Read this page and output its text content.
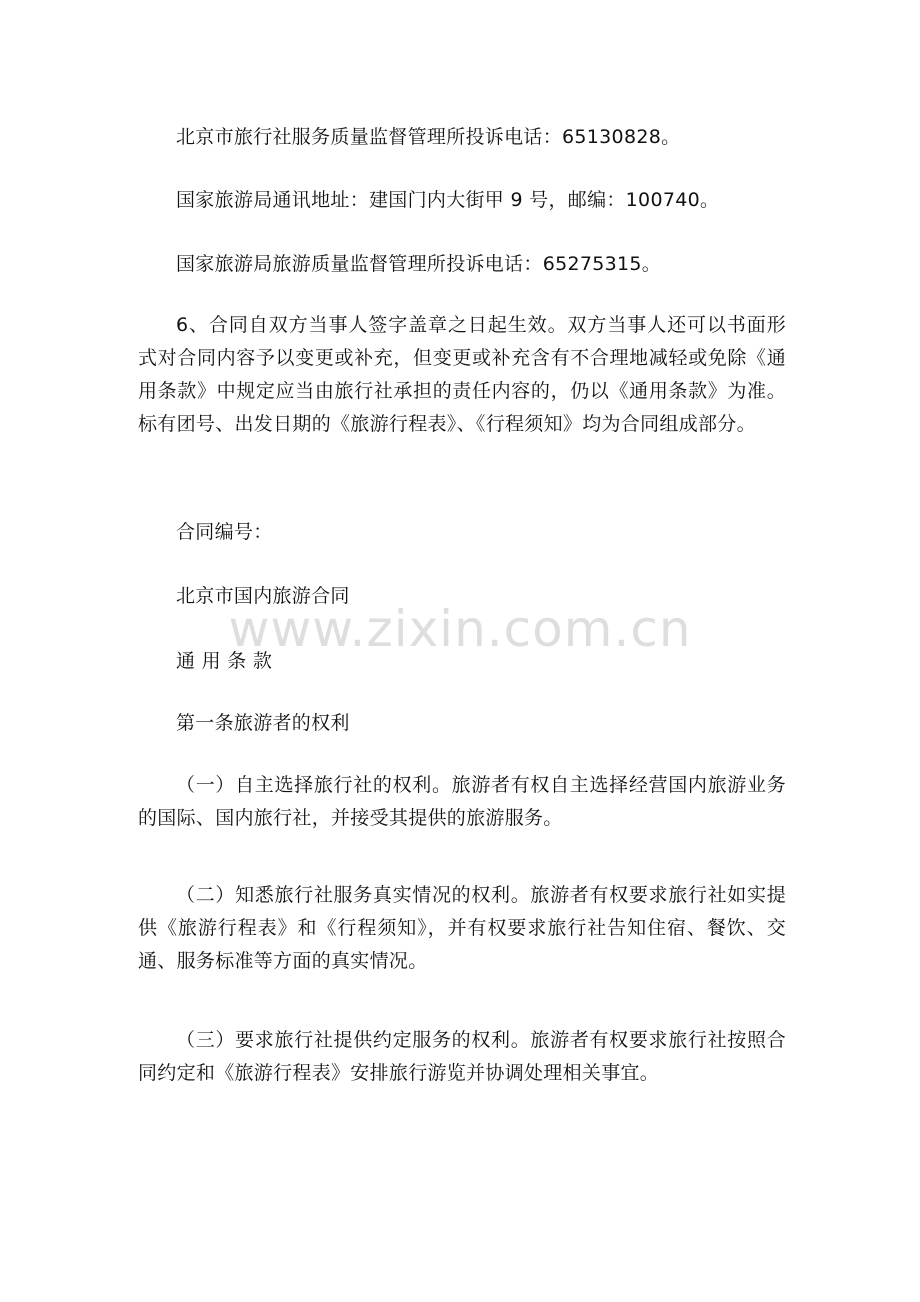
北京市旅行社服务质量监督管理所投诉电话：65130828。

国家旅游局通讯地址：建国门内大街甲 9 号，邮编：100740。

国家旅游局旅游质量监督管理所投诉电话：65275315。

6、合同自双方当事人签字盖章之日起生效。双方当事人还可以书面形式对合同内容予以变更或补充，但变更或补充含有不合理地减轻或免除《通用条款》中规定应当由旅行社承担的责任内容的，仍以《通用条款》为准。标有团号、出发日期的《旅游行程表》、《行程须知》均为合同组成部分。

合同编号：

北京市国内旅游合同

通 用 条 款

第一条旅游者的权利

（一）自主选择旅行社的权利。旅游者有权自主选择经营国内旅游业务的国际、国内旅行社，并接受其提供的旅游服务。

（二）知悉旅行社服务真实情况的权利。旅游者有权要求旅行社如实提供《旅游行程表》和《行程须知》，并有权要求旅行社告知住宿、餐饮、交通、服务标准等方面的真实情况。

（三）要求旅行社提供约定服务的权利。旅游者有权要求旅行社按照合同约定和《旅游行程表》安排旅行游览并协调处理相关事宜。

www.zixin.com.cn
